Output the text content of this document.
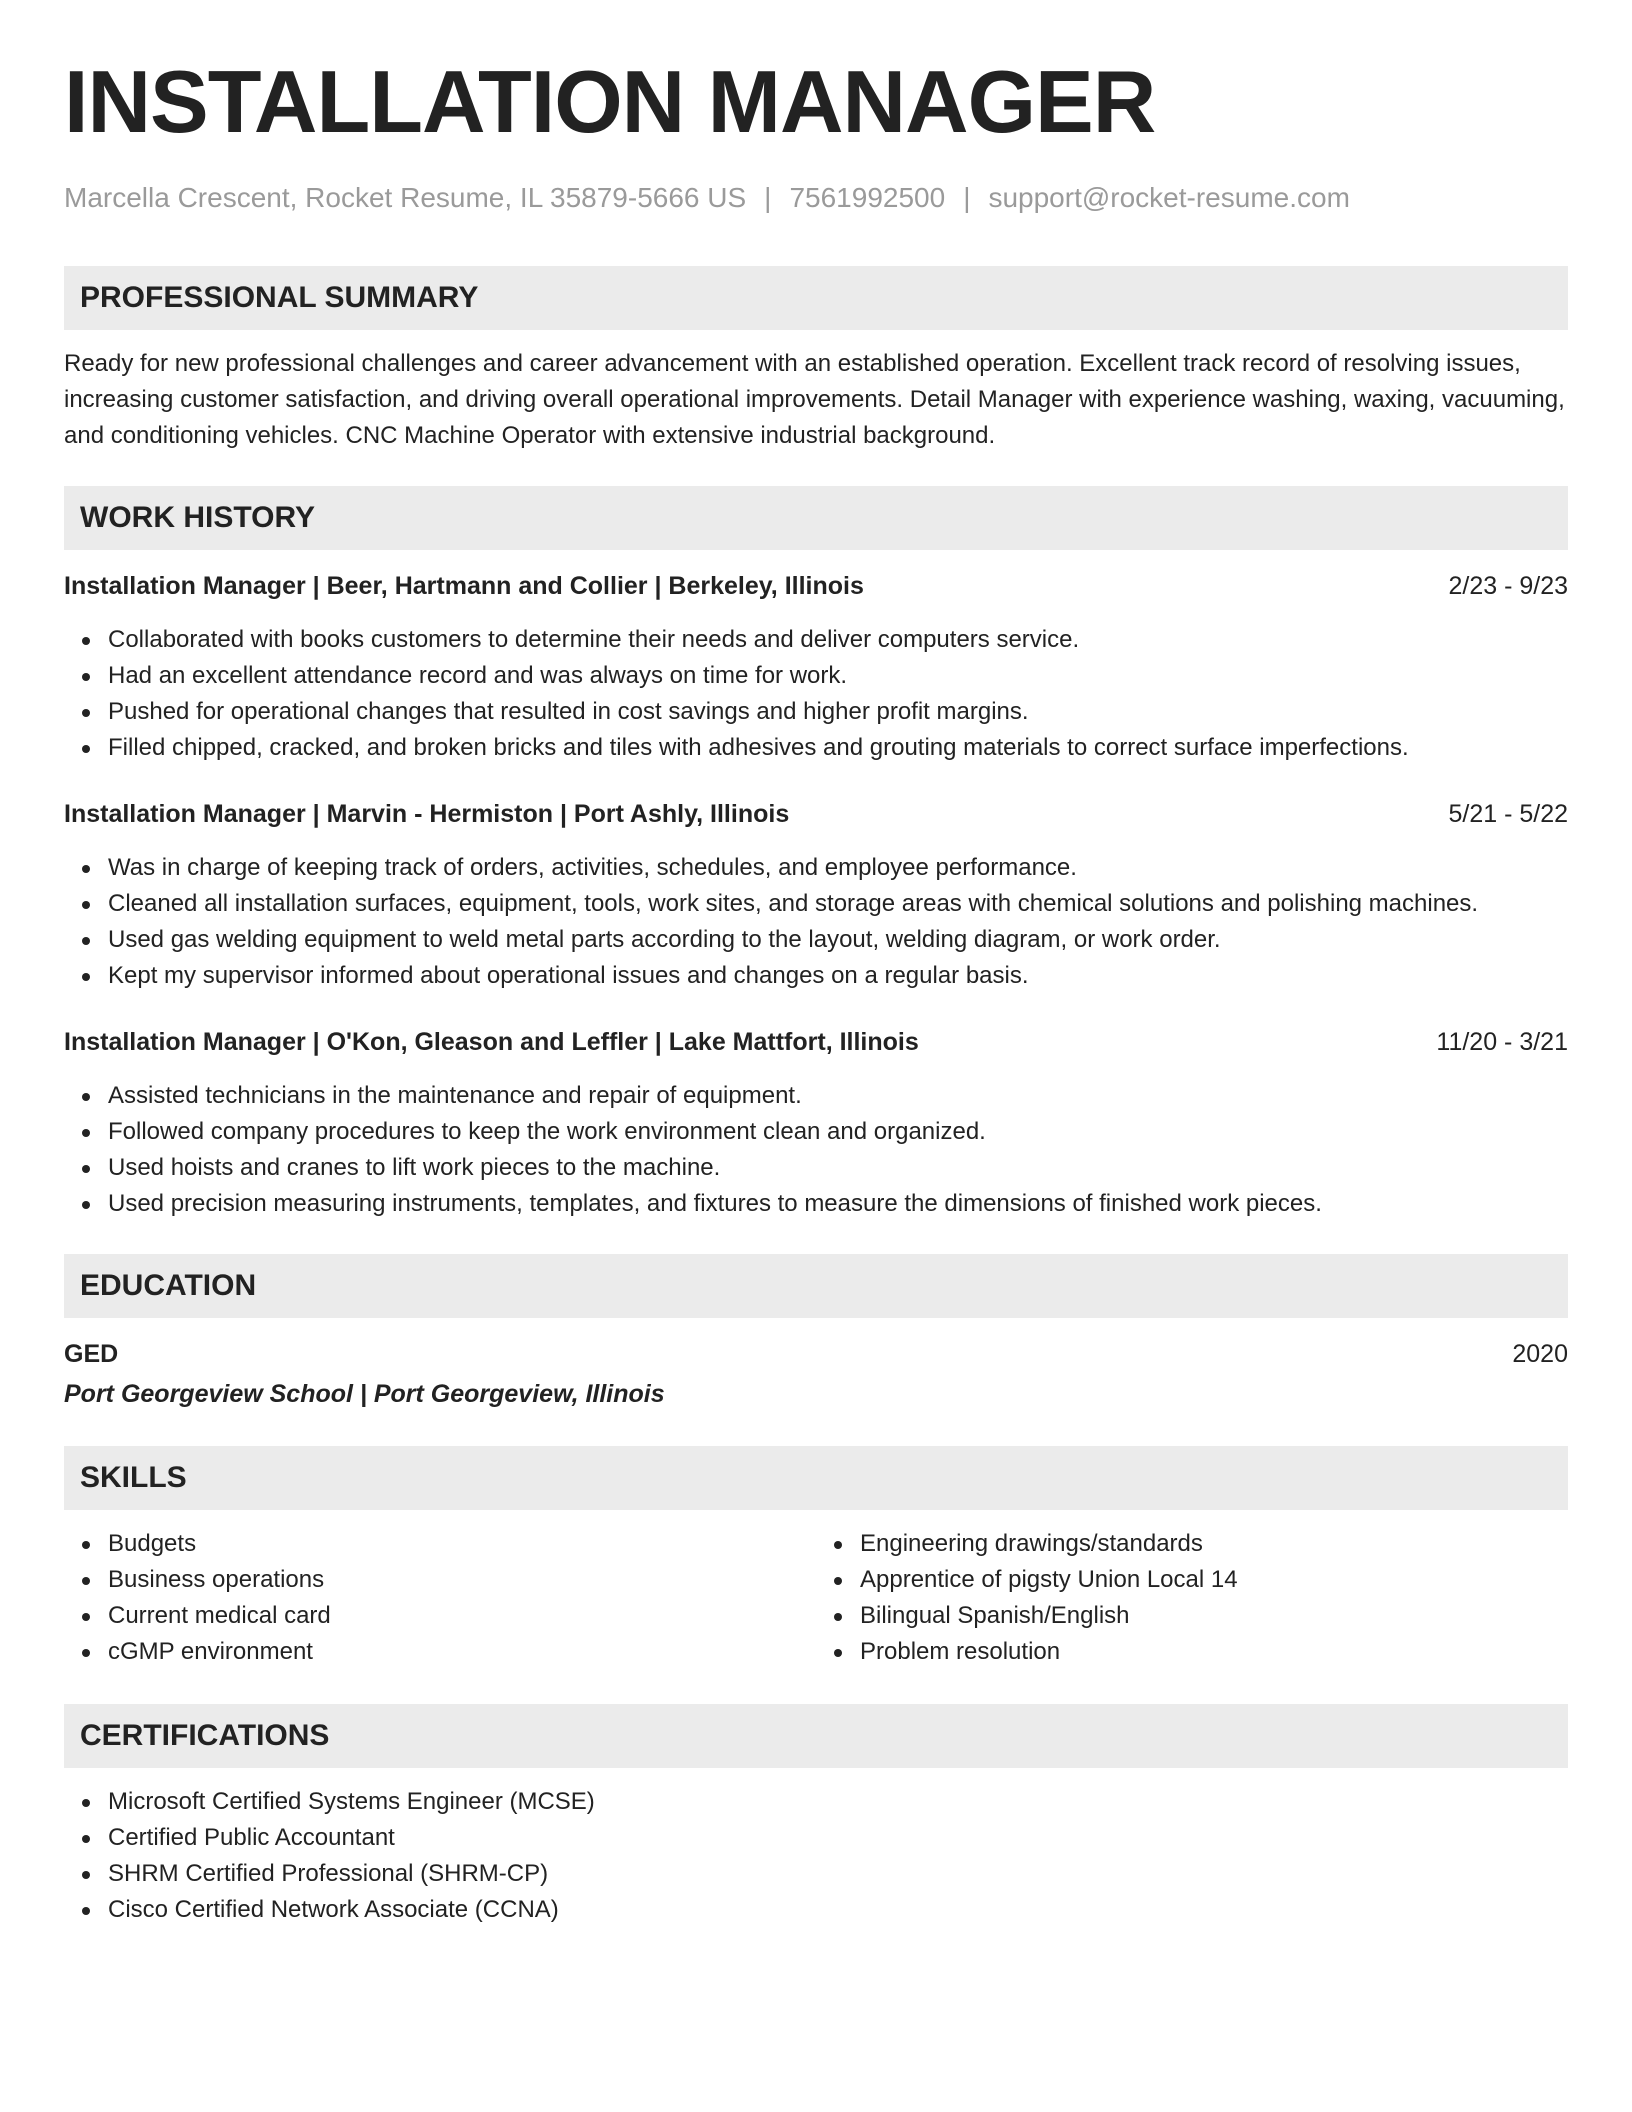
INSTALLATION MANAGER
Marcella Crescent, Rocket Resume, IL 35879-5666 US | 7561992500 | support@rocket-resume.com
PROFESSIONAL SUMMARY

Ready for new professional challenges and career advancement with an established operation. Excellent track record of resolving issues, increasing customer satisfaction, and driving overall operational improvements. Detail Manager with experience washing, waxing, vacuuming, and conditioning vehicles. CNC Machine Operator with extensive industrial background.

WORK HISTORY
Installation Manager | Beer, Hartmann and Collier | Berkeley, Illinois	2/23 - 9/23
Collaborated with books customers to determine their needs and deliver computers service.
Had an excellent attendance record and was always on time for work.
Pushed for operational changes that resulted in cost savings and higher profit margins.
Filled chipped, cracked, and broken bricks and tiles with adhesives and grouting materials to correct surface imperfections.
Installation Manager | Marvin - Hermiston | Port Ashly, Illinois	5/21 - 5/22
Was in charge of keeping track of orders, activities, schedules, and employee performance.
Cleaned all installation surfaces, equipment, tools, work sites, and storage areas with chemical solutions and polishing machines.
Used gas welding equipment to weld metal parts according to the layout, welding diagram, or work order.
Kept my supervisor informed about operational issues and changes on a regular basis.
Installation Manager | O'Kon, Gleason and Leffler | Lake Mattfort, Illinois	11/20 - 3/21
Assisted technicians in the maintenance and repair of equipment.
Followed company procedures to keep the work environment clean and organized.
Used hoists and cranes to lift work pieces to the machine.
Used precision measuring instruments, templates, and fixtures to measure the dimensions of finished work pieces.
EDUCATION
GED	2020
Port Georgeview School | Port Georgeview, Illinois
SKILLS
Budgets
Business operations
Current medical card
cGMP environment
Engineering drawings/standards
Apprentice of pigsty Union Local 14
Bilingual Spanish/English
Problem resolution
CERTIFICATIONS
Microsoft Certified Systems Engineer (MCSE)
Certified Public Accountant
SHRM Certified Professional (SHRM-CP)
Cisco Certified Network Associate (CCNA)
